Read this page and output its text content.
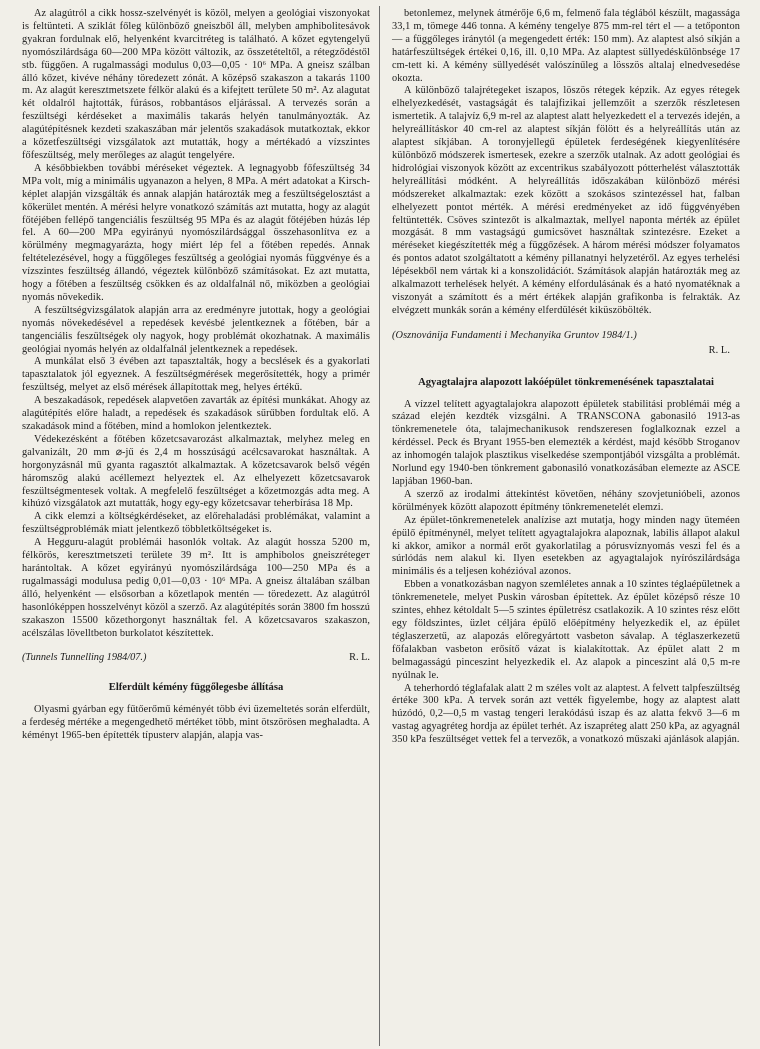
Az alagútról a cikk hossz-szelvényét is közöl, melyen a geológiai viszonyokat is feltünteti. A sziklát főleg különböző gneiszből áll, melyben amphibolitesávok gyakran fordulnak elő, helyenként kvarcitréteg is található. A kőzet egytengelyű nyomószilárdsága 60—200 MPa között változik, az összetételtől, a rétegződéstől stb. függően. A rugalmassági modulus 0,03—0,05 · 10⁶ MPa. A gneisz szálban álló kőzet, kivéve néhány töredezett zónát. A középső szakaszon a takarás 1100 m. Az alagút keresztmetszete félkör alakú és a kifejtett területe 50 m². Az alagutat két oldalról hajtották, fúrásos, robbantásos eljárással. A tervezés során a feszültségi kérdéseket a maximális takarás helyén tanulmányozták. Az alagútépítésnek kezdeti szakaszában már jelentős szakadások mutatkoztak, ekkor a kőzetfeszültségi vizsgálatok azt mutatták, hogy a mértékadó a vízszintes főfeszültség, mely merőleges az alagút tengelyére.

A későbbiekben további méréseket végeztek. A legnagyobb főfeszültség 34 MPa volt, míg a minimális ugyanazon a helyen, 8 MPa. A mért adatokat a Kirsch-képlet alapján vizsgálták és annak alapján határozták meg a feszültségelosztást a kőkerület mentén. A mérési helyre vonatkozó számítás azt mutatta, hogy az alagút főtéjében fellépő tangenciális feszültség 95 MPa és az alagút főtéjében húzás lép fel. A 60—200 MPa egyirányú nyomószilárdsággal összehasonlítva ez a körülmény megmagyarázta, hogy miért lép fel a főtében repedés. Annak feltételezésével, hogy a függőleges feszültség a geológiai nyomás függvénye és a vízszintes feszültség állandó, végeztek különböző számításokat. Ez azt mutatta, hogy a főtében a feszültség csökken és az oldalfalnál nő, miközben a geológiai nyomás növekedik.

A feszültségvizsgálatok alapján arra az eredményre jutottak, hogy a geológiai nyomás növekedésével a repedések kevésbé jelentkeznek a főtében, bár a tangenciális feszültségek oly nagyok, hogy problémát okozhatnak. A maximális geológiai nyomás helyén az oldalfalnál jelentkeznek a repedések.

A munkálat első 3 évében azt tapasztalták, hogy a becslések és a gyakorlati tapasztalatok jól egyeznek. A feszültségmérések megerősítették, hogy a primér feszültség, melyet az első mérések állapítottak meg, helyes értékű.

A beszakadások, repedések alapvetően zavarták az építési munkákat. Ahogy az alagútépítés előre haladt, a repedések és szakadások sűrűbben fordultak elő. A szakadások mind a főtében, mind a homlokon jelentkeztek.

Védekezésként a főtében kőzetcsavarozást alkalmaztak, melyhez meleg en galvanizált, 20 mm ⌀-jű és 2,4 m hosszúságú acélcsavarokat használtak. A horgonyzásnál mű gyanta ragasztót alkalmaztak. A kőzetcsavarok belső végén háromszög alakú acéllemezt helyeztek el. Az elhelyezett kőzetcsavarok feszültségmentesek voltak. A megfelelő feszültséget a kőzetmozgás adta meg. A kihúzó vizsgálatok azt mutatták, hogy egy-egy kőzetcsavar teherbírása 18 Mp.

A cikk elemzi a költségkérdéseket, az előrehaladási problémákat, valamint a feszültségproblémák miatt jelentkező többletköltségeket is.

A Hegguru-alagút problémái hasonlók voltak. Az alagút hossza 5200 m, félkörös, keresztmetszeti területe 39 m². Itt is amphibolos gneiszrétegeт harántoltak. A kőzet egyirányú nyomószilárdsága 100—250 MPa és a rugalmassági modulusa pedig 0,01—0,03 · 10⁶ MPa. A gneisz általában szálban álló, helyenként — elsősorban a kőzetlapok mentén — töredezett. Az alagútról hasonlóképpen hosszelvényt közöl a szerző. Az alagútépítés során 3800 fm hosszú szakaszon 15500 kőzethorgonyt használtak fel. A kőzetcsavaros szakaszon, acélszálas lövelltbeton burkolatot készítettek.

(Tunnels Tunnelling 1984/07.)	R. L.
Elferdült kémény függőlegesbe állítása

Olyasmi gyárban egy fűtőerőmű kéményét több évi üzemeltetés során elferdült, a ferdeség mértéke a megengedhető mértéket több, mint ötszörösen meghaladta. A kéményt 1965-ben építették típusterv alapján, alapja vas-

betonlemez, melynek átmérője 6,6 m, felmenő fala téglából készült, magassága 33,1 m, tömege 446 tonna. A kémény tengelye 875 mm-rel tért el — a tetőponton — a függőleges iránytól (a megengedett érték: 150 mm). Az alaptest alsó síkján a határfeszültségek értékei 0,16, ill. 0,10 MPa. Az alaptest süllyedéskülönbsége 17 cm-tett ki. A kémény süllyedését valószínűleg a lösszös altalaj elnedvesedése okozta.

A különböző talajrétegeket iszapos, löszös rétegek képzik. Az egyes rétegek elhelyezkedését, vastagságát és talajfizikai jellemzőit a szerzők részletesen ismertetik. A talajvíz 6,9 m-rel az alaptest alatt helyezkedett el a tervezés idején, a helyreállításkor 40 cm-rel az alaptest síkján fölött és a helyreállítás után az alaptest síkjában. A toronyjellegű épületek ferdeségének kiegyenlítésére különböző módszerek ismertesek, ezekre a szerzők utalnak. Az adott geológiai és hidrológiai viszonyok között az excentrikus szabályozott pótterhelést választották helyreállítási módként. A helyreállítás időszakában különböző mérési módszereket alkalmaztak: ezek között a szokásos szintezéssel hat, falban elhelyezett pontot mérték. A mérési eredményeket az idő függvényében feltüntették. Csöves szintezőt is alkalmaztak, mellyel naponta mérték az épület mozgását. 8 mm vastagságú gumicsövet használtak szintezésre. Ezeket a méréseket kiegészítették még a függőzések. A három mérési módszer folyamatos és pontos adatot szolgáltatott a kémény pillanatnyi helyzetéről. Az egyes terhelési lépésekből nem vártak ki a konszolidációt. Számítások alapján határozták meg az alkalmazott terhelések helyét. A kémény elfordulásának és a ható nyomatéknak a viszonyát a számított és a mért értékek alapján grafikonba is felrakták. Az elvégzett munkák során a kémény elferdülését kiküszöbölték.

(Osznovánija Fundamenti i Mechanyika Gruntov 1984/1.)

R. L.

Agyagtalajra alapozott lakóépület tönkremenésének tapasztalatai

A vízzel telített agyagtalajokra alapozott épületek stabilitási problémái még a század elején kezdték vizsgálni. A TRANSCONA gabonasiló 1913-as tönkremenetele óta, talajmechanikusok rendszeresen foglalkoznak ezzel a kérdéssel. Peck és Bryant 1955-ben elemezték a kérdést, majd később Stroganov az inhomogén talajok plasztikus viselkedése szempontjából vizsgálta a problémát. Norlund egy 1940-ben tönkrement gabonasiló vonatkozásában elemezte az ASCE lapjában 1960-ban.

A szerző az irodalmi áttekintést követően, néhány szovjetunióbeli, azonos körülmények között alapozott építmény tönkremenetelét elemzi.

Az épület-tönkremenetelek analízise azt mutatja, hogy minden nagy üteméen épülő építménynél, melyet telített agyagtalajokra alapoznak, labilis állapot alakul ki akkor, amikor a normál erőt gyakorlatilag a pórusvíznyomás veszi fel és a súrlódás nem alakul ki. Ilyen esetekben az agyagtalajok nyírószilárdsága minimális és a teljesen kohézióval azonos.

Ebben a vonatkozásban nagyon szemléletes annak a 10 szintes téglaépületnek a tönkremenetele, melyet Puskin városban építettek. Az épület középső része 10 szintes, ehhez kétoldalt 5—5 szintes épületrész csatlakozik. A 10 szintes rész előtt egy földszintes, üzlet céljára épülő előépítmény helyezkedik el, az épület téglaszerzetű, az alapozás előregyártott vasbeton sávalap. A téglaszerkezetű főfalakban vasbeton erősítő vázat is kialakítottak. Az épület alatt 2 m belmagasságú pinceszint helyezkedik el. Az alapok a pinceszint alá 0,5 m-re nyúlnak le.

A teherhordó téglafalak alatt 2 m széles volt az alaptest. A felvett talpfeszültség értéke 300 kPa. A tervek során azt vették figyelembe, hogy az alaptest alatt húzódó, 0,2—0,5 m vastag tengeri lerakódású iszap és az alatta fekvő 3—6 m vastag agyagréteg hordja az épület terhét. Az iszapréteg alatt 250 kPa, az agyagnál 350 kPa feszültséget vettek fel a tervezők, a vonatkozó műszaki ajánlások alapján.
